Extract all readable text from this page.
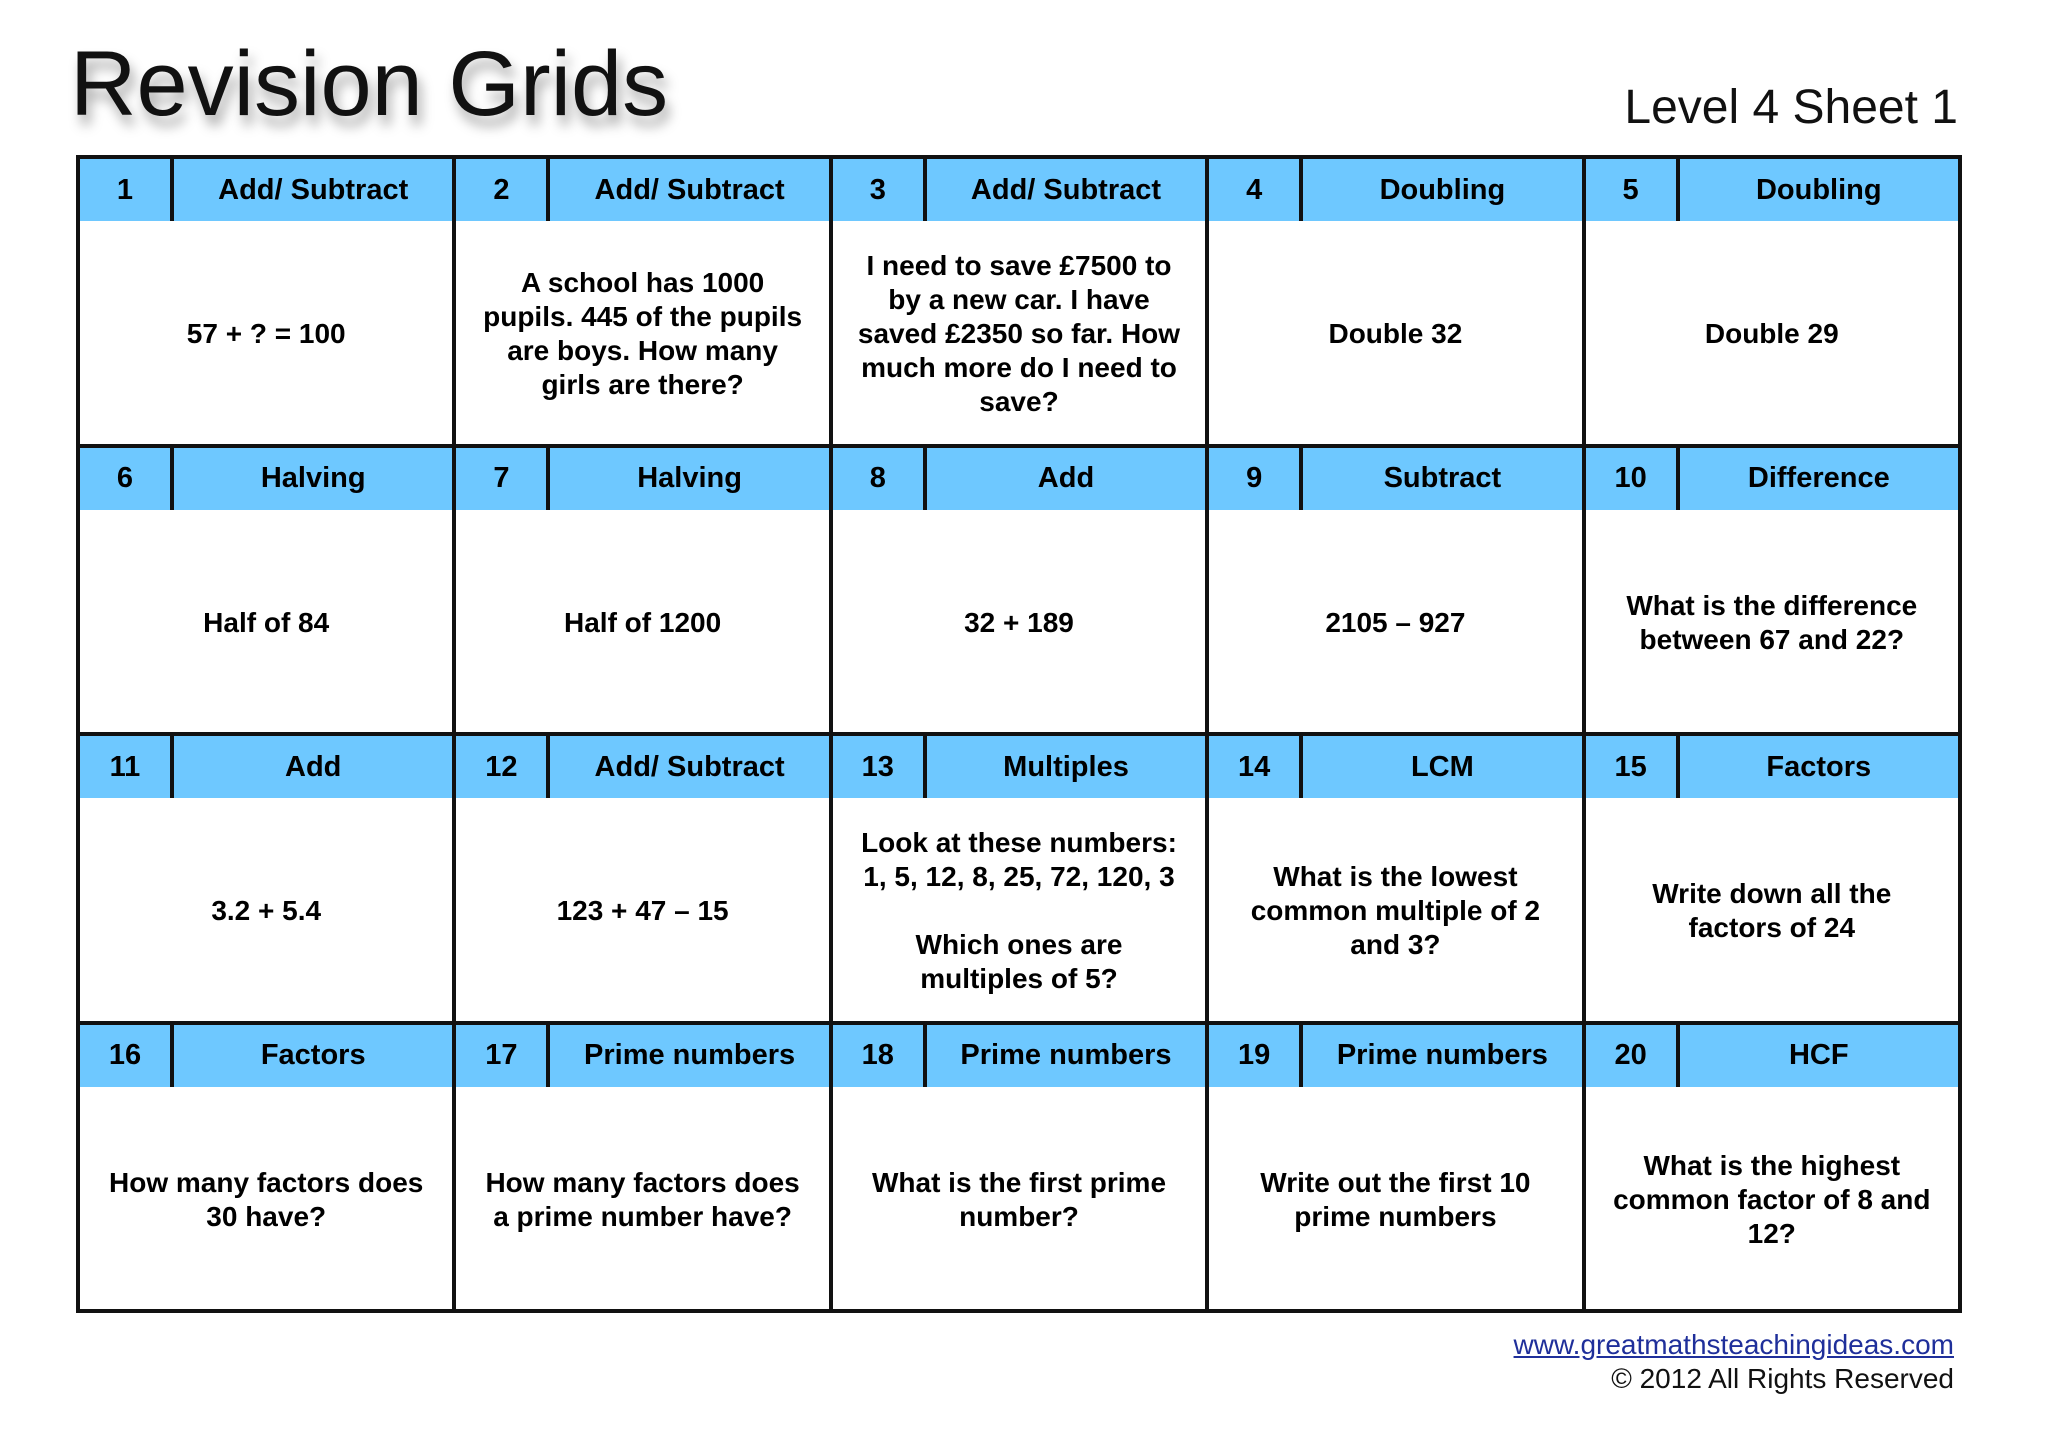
Revision Grids	Level 4 Sheet 1
1	Add/ Subtract
57 + ? = 100
2	Add/ Subtract
A school has 1000 pupils. 445 of the pupils are boys. How many girls are there?
3	Add/ Subtract
I need to save £7500 to by a new car. I have saved £2350 so far. How much more do I need to save?
4	Doubling
Double 32
5	Doubling
Double 29
6	Halving
Half of 84
7	Halving
Half of 1200
8	Add
32 + 189
9	Subtract
2105 – 927
10	Difference
What is the difference between 67 and 22?
11	Add
3.2 + 5.4
12	Add/ Subtract
123 + 47 – 15
13	Multiples
Look at these numbers:
1, 5, 12, 8, 25, 72, 120, 3

Which ones are
multiples of 5?
14	LCM
What is the lowest common multiple of 2 and 3?
15	Factors
Write down all the factors of 24
16	Factors
How many factors does 30 have?
17	Prime numbers
How many factors does a prime number have?
18	Prime numbers
What is the first prime number?
19	Prime numbers
Write out the first 10 prime numbers
20	HCF
What is the highest common factor of 8 and 12?
www.greatmathsteachingideas.com
© 2012 All Rights Reserved
